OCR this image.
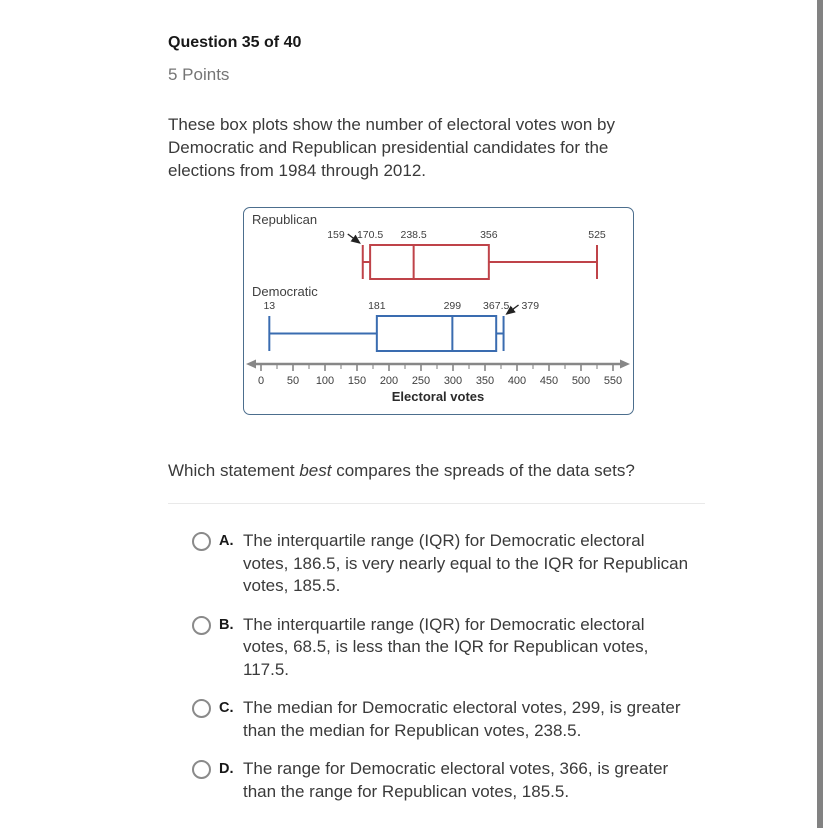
Question 35 of 40

5 Points

These box plots show the number of electoral votes won by Democratic and Republican presidential candidates for the elections from 1984 through 2012.

Republican
159 170.5 238.5	356	525
Democratic
13	181	299 367.5 379
0 50 100 150 200 250 300 350 400 450 500 550
Electoral votes

Which statement best compares the spreads of the data sets?

A. The interquartile range (IQR) for Democratic electoral votes, 186.5, is very nearly equal to the IQR for Republican votes, 185.5.
B. The interquartile range (IQR) for Democratic electoral votes, 68.5, is less than the IQR for Republican votes, 117.5.
C. The median for Democratic electoral votes, 299, is greater than the median for Republican votes, 238.5.
D. The range for Democratic electoral votes, 366, is greater than the range for Republican votes, 185.5.
